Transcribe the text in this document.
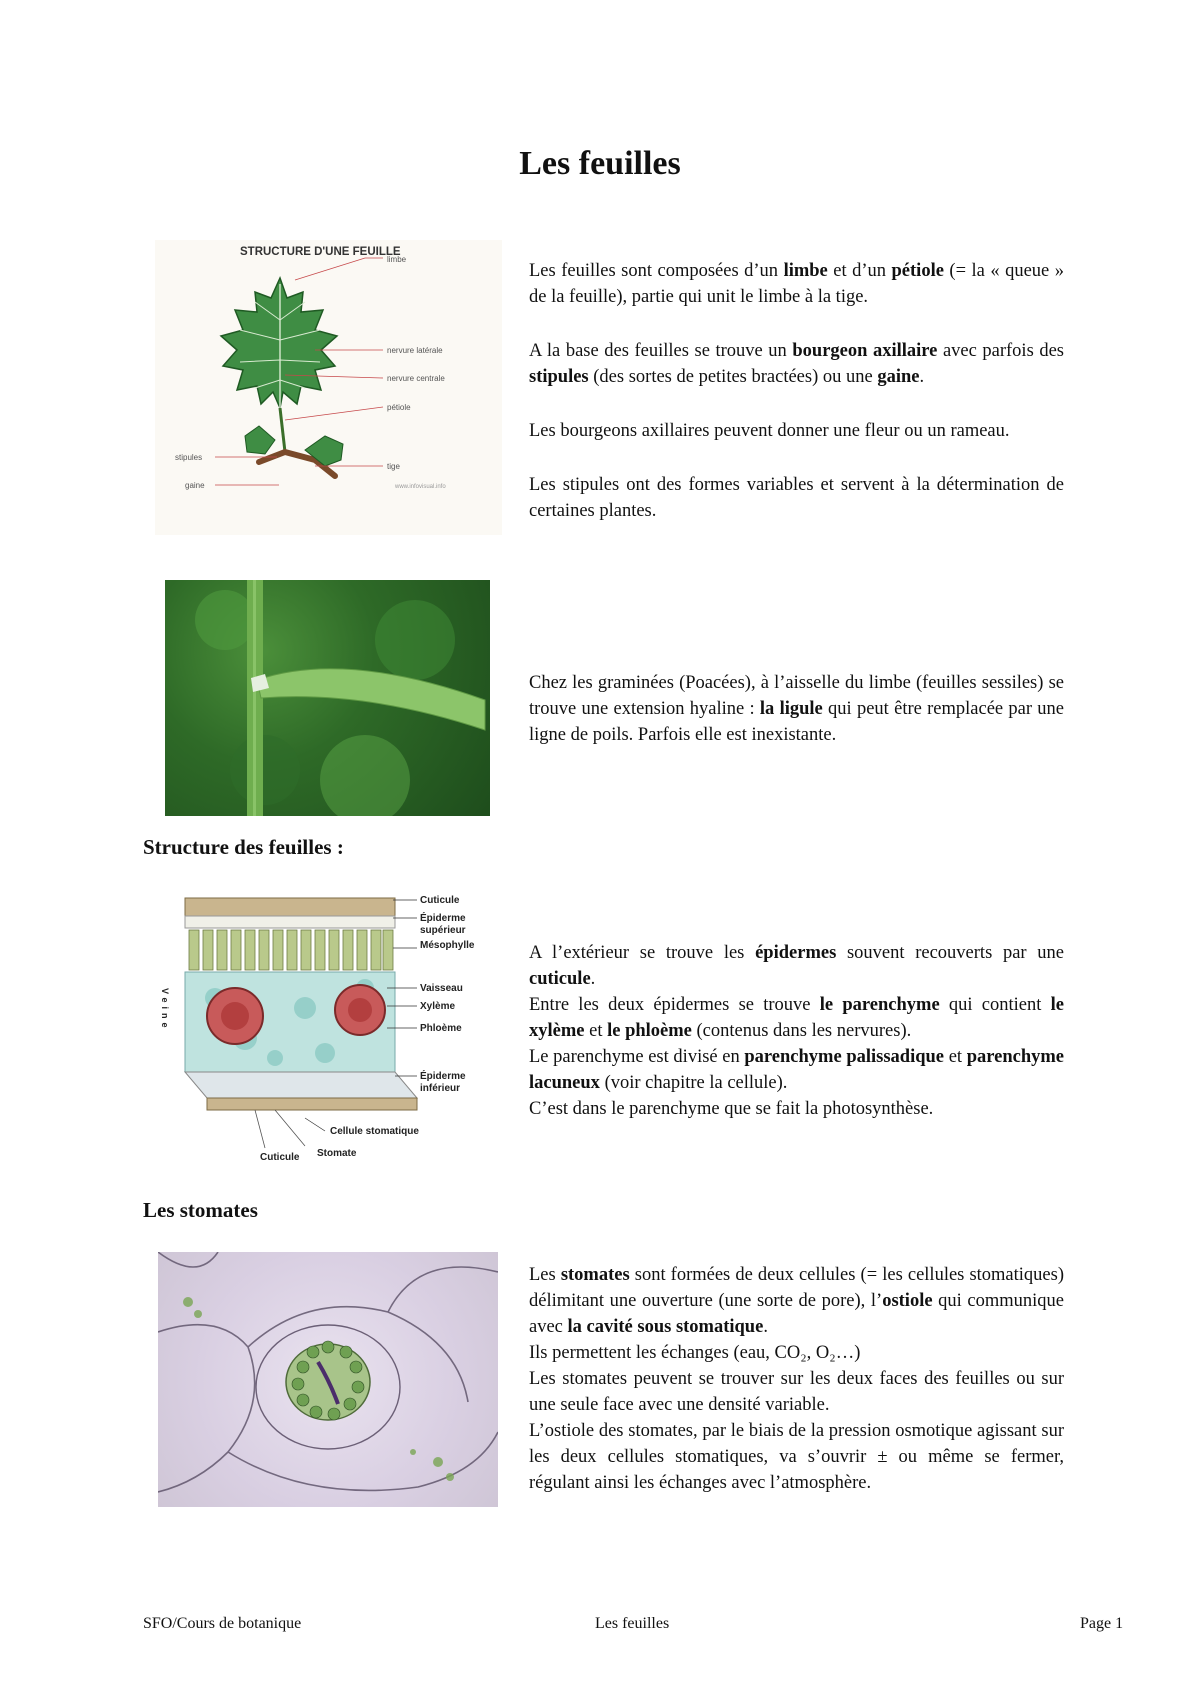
Les feuilles
STRUCTURE D'UNE FEUILLE
limbe
nervure latérale
nervure centrale
pétiole
stipules
tige
gaine	www.infovisual.info

Les feuilles sont composées d’un limbe et d’un pétiole (= la « queue » de la feuille), partie qui unit le limbe à la tige.

A la base des feuilles se trouve un bourgeon axillaire avec parfois des stipules (des sortes de petites bractées) ou une gaine.

Les bourgeons axillaires peuvent donner une fleur ou un rameau.

Les stipules ont des formes variables et servent à la détermination de certaines plantes.

Chez les graminées (Poacées), à l’aisselle du limbe (feuilles sessiles) se trouve une extension hyaline : la ligule qui peut être remplacée par une ligne de poils. Parfois elle est inexistante.

Structure des feuilles :
Cuticule
Épiderme
supérieur
Mésophylle
Vaisseau
Xylème
Phloème
Épiderme
inférieur
Cellule stomatique
Stomate
Cuticule
Veine

A l’extérieur se trouve les épidermes souvent recouverts par une cuticule.

Entre les deux épidermes se trouve le parenchyme qui contient le xylème et le phloème (contenus dans les nervures).

Le parenchyme est divisé en parenchyme palissadique et parenchyme lacuneux (voir chapitre la cellule).

C’est dans le parenchyme que se fait la photosynthèse.

Les stomates

Les stomates sont formées de deux cellules (= les cellules stomatiques) délimitant une ouverture (une sorte de pore), l’ostiole qui communique avec la cavité sous stomatique.

Ils permettent les échanges (eau, CO₂, O₂…)

Les stomates peuvent se trouver sur les deux faces des feuilles ou sur une seule face avec une densité variable.

L’ostiole des stomates, par le biais de la pression osmotique agissant sur les deux cellules stomatiques, va s’ouvrir ± ou même se fermer, régulant ainsi les échanges avec l’atmosphère.

SFO/Cours de botanique	Les feuilles	Page 1
